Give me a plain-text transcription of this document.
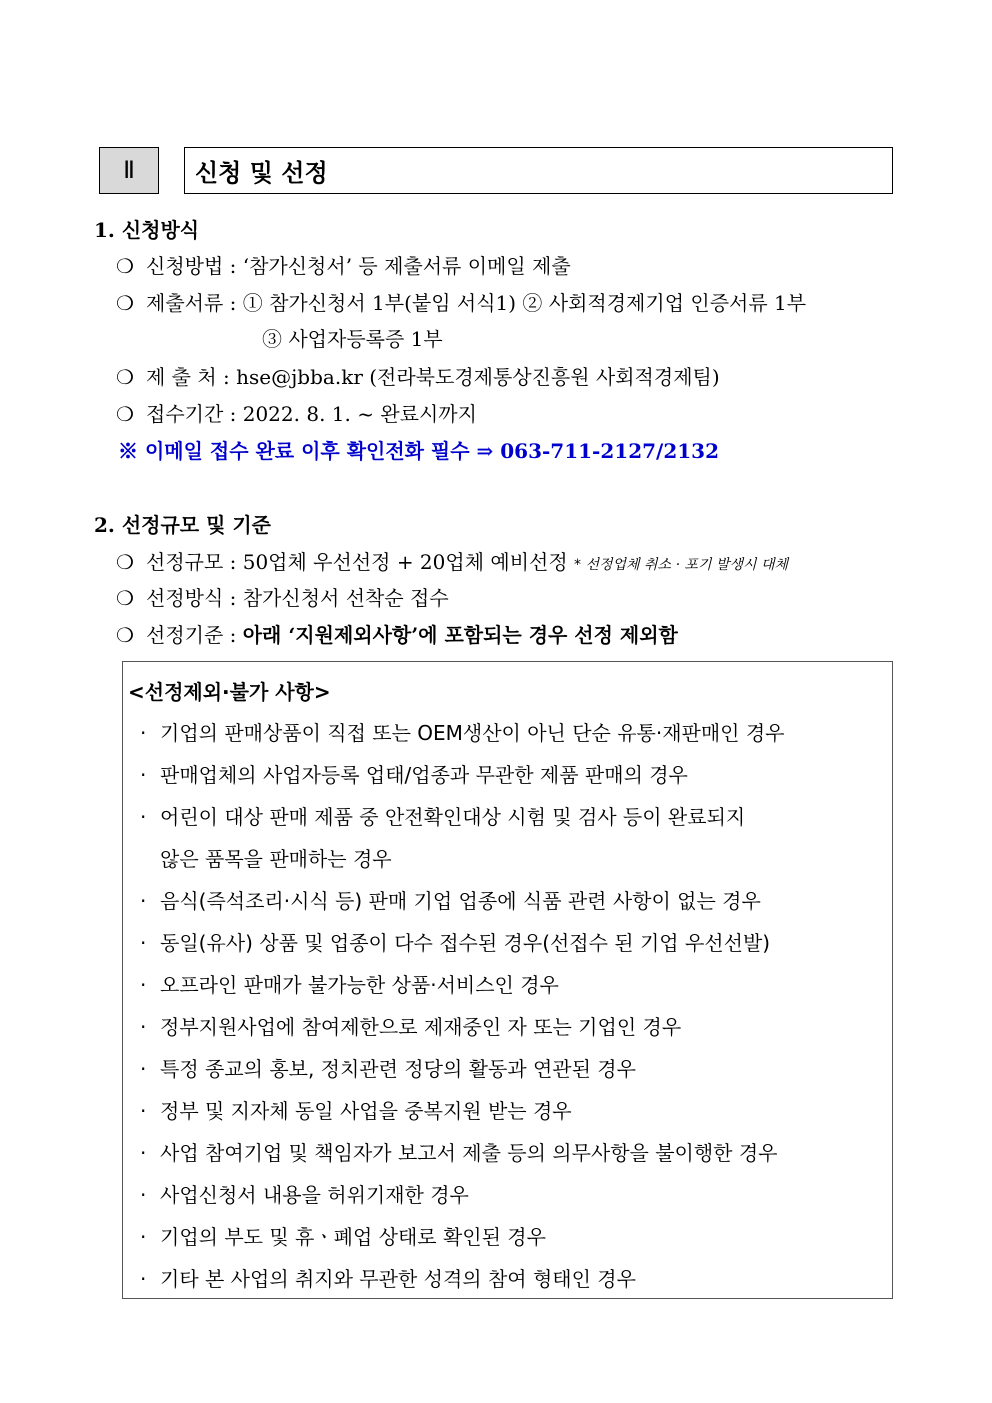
Ⅱ	신청 및 선정
1. 신청방식
❍ 신청방법 : ‘참가신청서’ 등 제출서류 이메일 제출
❍ 제출서류 : ① 참가신청서 1부(붙임 서식1) ② 사회적경제기업 인증서류 1부
③ 사업자등록증 1부
❍ 제 출 처 : hse@jbba.kr (전라북도경제통상진흥원 사회적경제팀)
❍ 접수기간 : 2022. 8. 1. ~ 완료시까지
※ 이메일 접수 완료 이후 확인전화 필수 ⇒ 063-711-2127/2132
2. 선정규모 및 기준
❍ 선정규모 : 50업체 우선선정 + 20업체 예비선정 * 선정업체 취소 · 포기 발생시 대체
❍ 선정방식 : 참가신청서 선착순 접수
❍ 선정기준 : 아래 ‘지원제외사항’에 포함되는 경우 선정 제외함
<선정제외·불가 사항>
· 기업의 판매상품이 직접 또는 OEM생산이 아닌 단순 유통·재판매인 경우
· 판매업체의 사업자등록 업태/업종과 무관한 제품 판매의 경우
· 어린이 대상 판매 제품 중 안전확인대상 시험 및 검사 등이 완료되지
않은 품목을 판매하는 경우
· 음식(즉석조리·시식 등) 판매 기업 업종에 식품 관련 사항이 없는 경우
· 동일(유사) 상품 및 업종이 다수 접수된 경우(선접수 된 기업 우선선발)
· 오프라인 판매가 불가능한 상품·서비스인 경우
· 정부지원사업에 참여제한으로 제재중인 자 또는 기업인 경우
· 특정 종교의 홍보, 정치관련 정당의 활동과 연관된 경우
· 정부 및 지자체 동일 사업을 중복지원 받는 경우
· 사업 참여기업 및 책임자가 보고서 제출 등의 의무사항을 불이행한 경우
· 사업신청서 내용을 허위기재한 경우
· 기업의 부도 및 휴ㆍ폐업 상태로 확인된 경우
· 기타 본 사업의 취지와 무관한 성격의 참여 형태인 경우
